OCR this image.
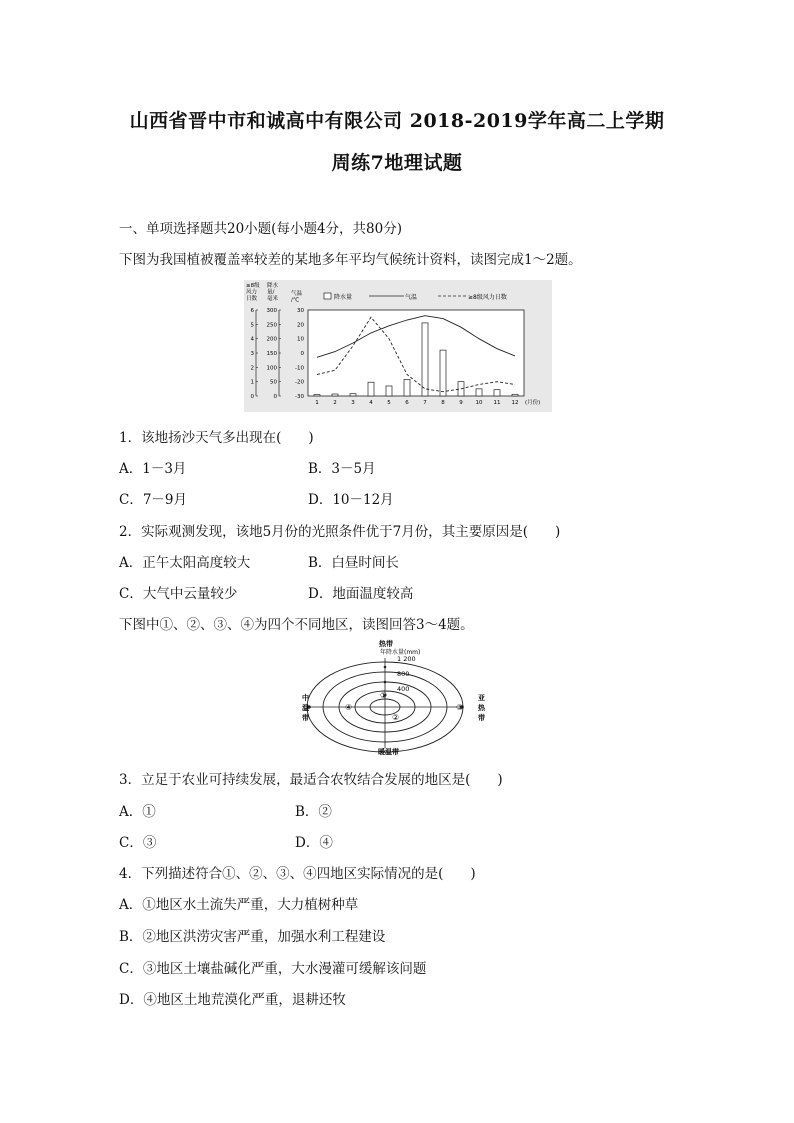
山西省晋中市和诚高中有限公司 2018-2019学年高二上学期
周练7地理试题
一、单项选择题共20小题(每小题4分，共80分)
下图为我国植被覆盖率较差的某地多年平均气候统计资料，读图完成1～2题。
≥8级
风力
日数
降水
量/
毫米
气温
/℃
0	0	-30
1	50	-20
2 100	-10
3 150	0
4 200	10
5 250	20
6 300	30
降水量	气温	≥8级风力日数
1	2	3	4	5	6	7	8	9 10 11 12 (月份)
1．该地扬沙天气多出现在(　　)
A．1－3月	B．3－5月
C．7－9月	D．10－12月
2．实际观测发现，该地5月份的光照条件优于7月份，其主要原因是(　　)
A．正午太阳高度较大	B．白昼时间长
C．大气中云量较少	D．地面温度较高
下图中①、②、③、④为四个不同地区，读图回答3～4题。
热带
年降水量(mm)
1 200
800
400
中
温
带
亚
热
带
暖温带
①
②
③
④
3．立足于农业可持续发展，最适合农牧结合发展的地区是(　　)
A．①	B．②
C．③	D．④
4．下列描述符合①、②、③、④四地区实际情况的是(　　)
A．①地区水土流失严重，大力植树种草
B．②地区洪涝灾害严重，加强水利工程建设
C．③地区土壤盐碱化严重，大水漫灌可缓解该问题
D．④地区土地荒漠化严重，退耕还牧
